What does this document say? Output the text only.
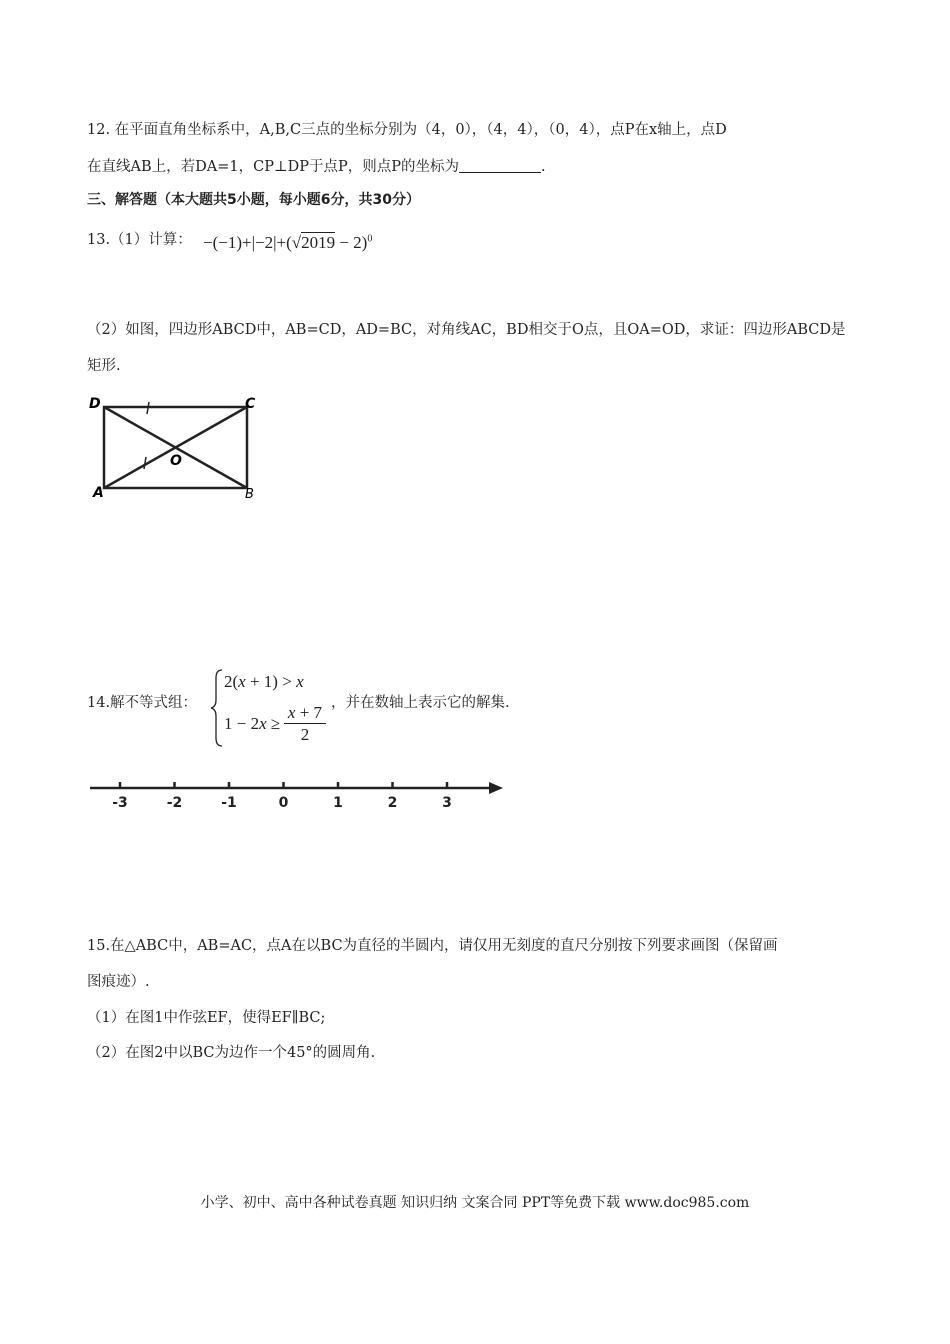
12. 在平面直角坐标系中，A,B,C三点的坐标分别为（4，0），（4，4），（0，4），点P在x轴上，点D
在直线AB上，若DA=1，CP⊥DP于点P，则点P的坐标为	.
三、解答题（本大题共5小题，每小题6分，共30分）
13.（1）计算： $-(-1)+|-2|+(√2019 - 2)^0$
（2）如图，四边形ABCD中，AB=CD，AD=BC，对角线AC，BD相交于O点，且OA=OD，求证：四边形ABCD是
矩形.
D	C
A	B
O
14.解不等式组：
2(x + 1) > x
$1 - 2x \ge \frac{x + 7}{2}$ ，并在数轴上表示它的解集.
-3	-2	-1	0	1	2	3
15.在△ABC中，AB=AC，点A在以BC为直径的半圆内，请仅用无刻度的直尺分别按下列要求画图（保留画
图痕迹）.
（1）在图1中作弦EF，使得EF∥BC;
（2）在图2中以BC为边作一个45°的圆周角.
小学、初中、高中各种试卷真题 知识归纳 文案合同 PPT等免费下载 www.doc985.com
